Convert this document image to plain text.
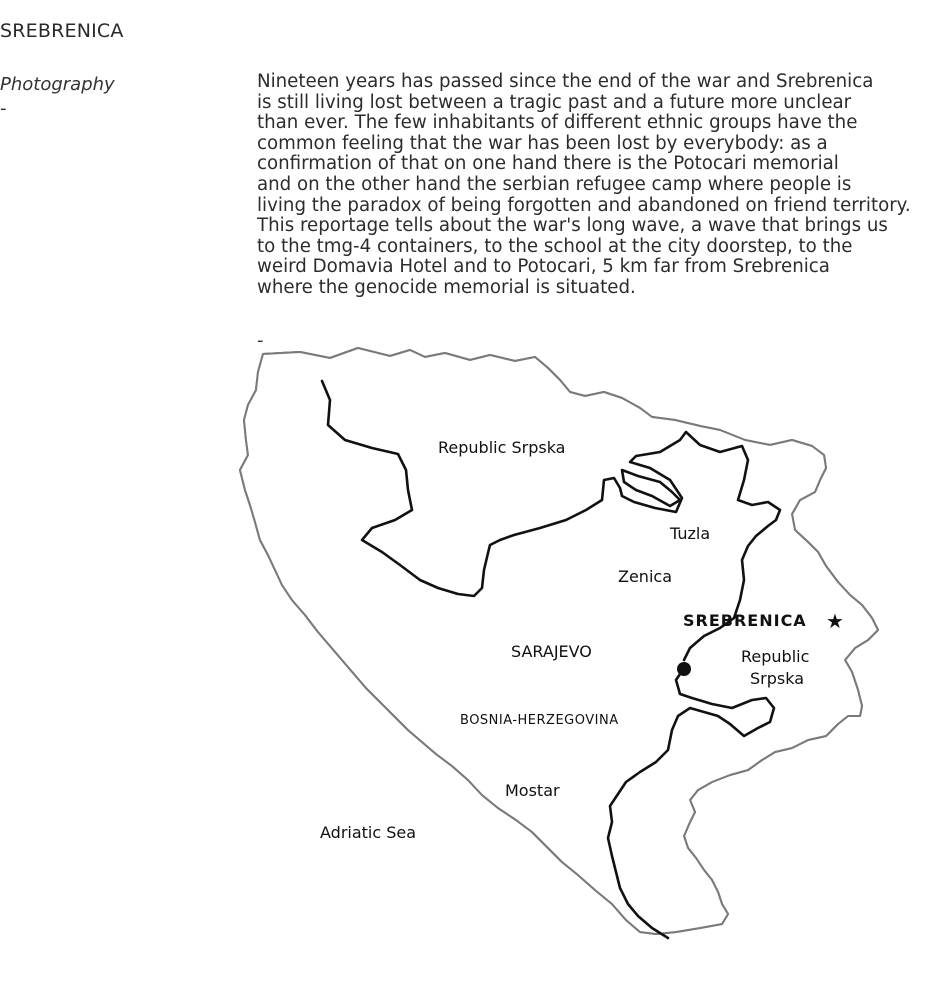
SREBRENICA
Photography
-

Nineteen years has passed since the end of the war and Srebrenica
is still living lost between a tragic past and a future more unclear
than ever. The few inhabitants of different ethnic groups have the
common feeling that the war has been lost by everybody: as a
confirmation of that on one hand there is the Potocari memorial
and on the other hand the serbian refugee camp where people is
living the paradox of being forgotten and abandoned on friend territory.
This reportage tells about the war's long wave, a wave that brings us
to the tmg-4 containers, to the school at the city doorstep, to the
weird Domavia Hotel and to Potocari, 5 km far from Srebrenica
where the genocide memorial is situated.

-
Republic Srpska
Tuzla
Zenica
SREBRENICA ★
SARAJEVO	Republic
Srpska
BOSNIA-HERZEGOVINA
Mostar
Adriatic Sea
